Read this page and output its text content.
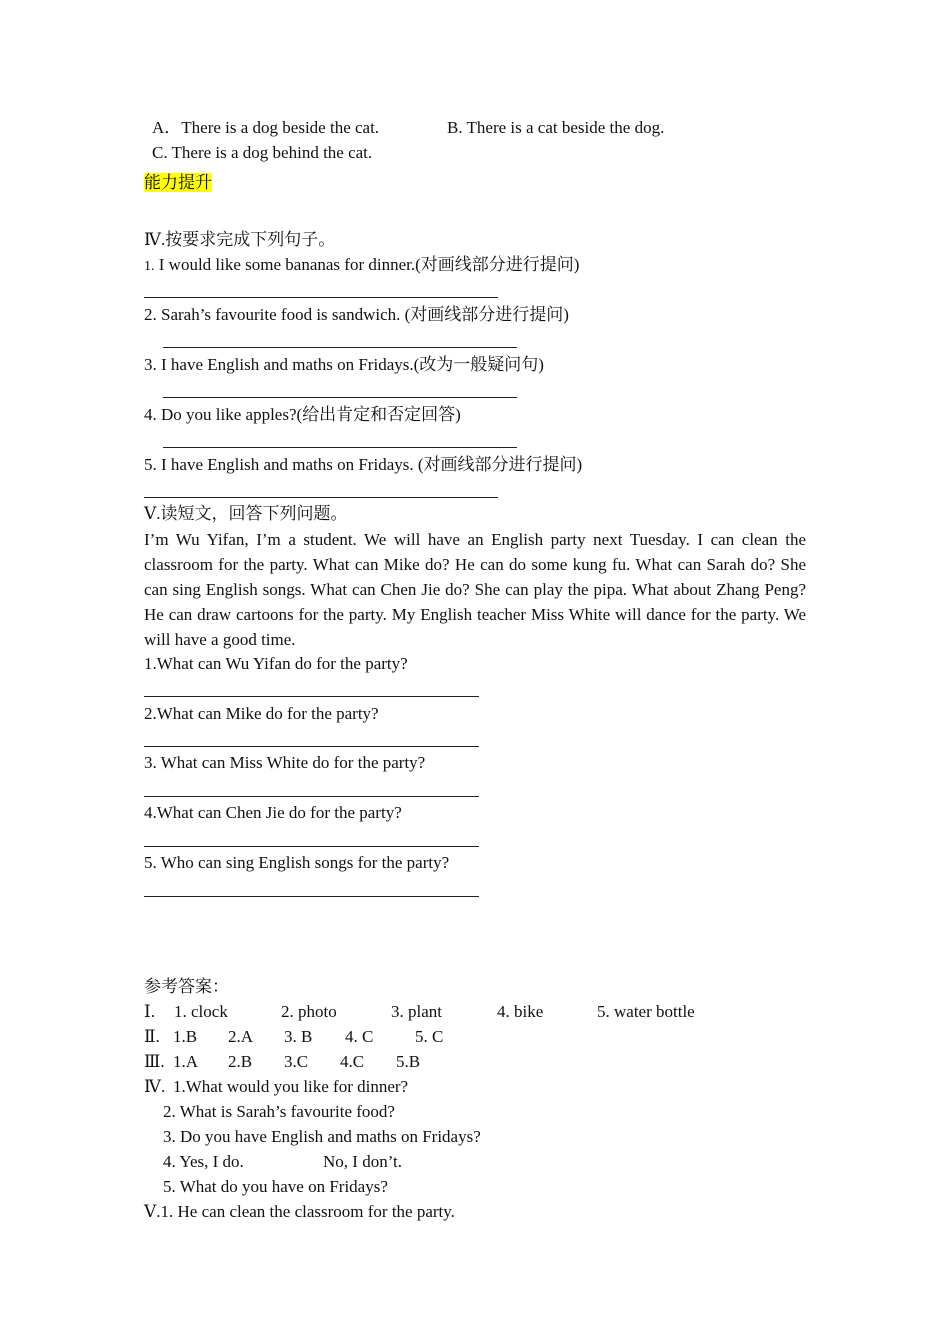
A．There is a dog beside the cat.	B. There is a cat beside the dog.
C. There is a dog behind the cat.
能力提升
Ⅳ.按要求完成下列句子。
1. I would like some bananas for dinner.(对画线部分进行提问)
2. Sarah’s favourite food is sandwich. (对画线部分进行提问)
3. I have English and maths on Fridays.(改为一般疑问句)
4. Do you like apples?(给出肯定和否定回答)
5. I have English and maths on Fridays. (对画线部分进行提问)
Ⅴ.读短文，回答下列问题。
I’m Wu Yifan, I’m a student. We will have an English party next Tuesday. I can clean the classroom for the party. What can Mike do? He can do some kung fu. What can Sarah do? She can sing English songs. What can Chen Jie do? She can play the pipa. What about Zhang Peng? He can draw cartoons for the party. My English teacher Miss White will dance for the party. We will have a good time.
1.What can Wu Yifan do for the party?
2.What can Mike do for the party?
3. What can Miss White do for the party?
4.What can Chen Jie do for the party?
5. Who can sing English songs for the party?
参考答案：
Ⅰ. 1. clock	2. photo	3. plant	4. bike	5. water bottle
Ⅱ. 1.B 2.A 3. B 4. C 5. C
Ⅲ. 1.A 2.B 3.C 4.C 5.B
Ⅳ. 1.What would you like for dinner?
2. What is Sarah’s favourite food?
3. Do you have English and maths on Fridays?
4. Yes, I do.	No, I don’t.
5. What do you have on Fridays?
Ⅴ.1. He can clean the classroom for the party.
